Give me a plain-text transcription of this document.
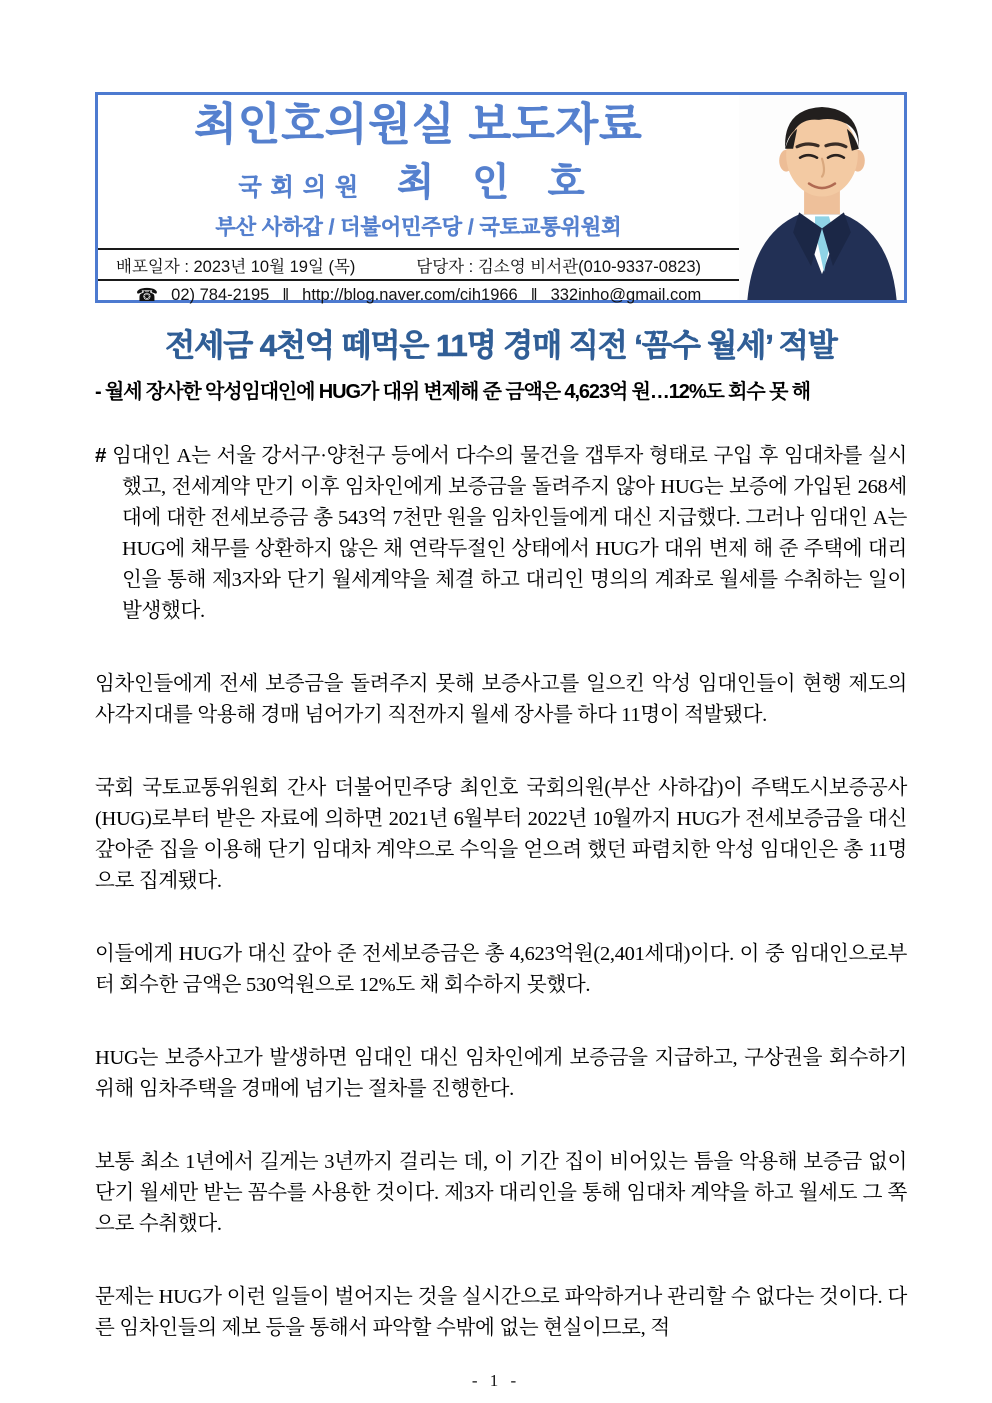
최인호의원실 보도자료
국회의원 최 인 호
부산 사하갑 / 더불어민주당 / 국토교통위원회
배포일자 : 2023년 10월 19일 (목)	담당자 : 김소영 비서관(010-9337-0823)
☎ 02) 784-2195 ‖ http://blog.naver.com/cih1966 ‖ 332inho@gmail.com
전세금 4천억 떼먹은 11명 경매 직전 ‘꼼수 월세’ 적발

- 월세 장사한 악성임대인에 HUG가 대위 변제해 준 금액은 4,623억 원…12%도 회수 못 해

# 임대인 A는 서울 강서구·양천구 등에서 다수의 물건을 갭투자 형태로 구입 후 임대차를 실시했고, 전세계약 만기 이후 임차인에게 보증금을 돌려주지 않아 HUG는 보증에 가입된 268세대에 대한 전세보증금 총 543억 7천만 원을 임차인들에게 대신 지급했다. 그러나 임대인 A는 HUG에 채무를 상환하지 않은 채 연락두절인 상태에서 HUG가 대위 변제 해 준 주택에 대리인을 통해 제3자와 단기 월세계약을 체결 하고 대리인 명의의 계좌로 월세를 수취하는 일이 발생했다.

임차인들에게 전세 보증금을 돌려주지 못해 보증사고를 일으킨 악성 임대인들이 현행 제도의 사각지대를 악용해 경매 넘어가기 직전까지 월세 장사를 하다 11명이 적발됐다.

국회 국토교통위원회 간사 더불어민주당 최인호 국회의원(부산 사하갑)이 주택도시보증공사(HUG)로부터 받은 자료에 의하면 2021년 6월부터 2022년 10월까지 HUG가 전세보증금을 대신 갚아준 집을 이용해 단기 임대차 계약으로 수익을 얻으려 했던 파렴치한 악성 임대인은 총 11명으로 집계됐다.

이들에게 HUG가 대신 갚아 준 전세보증금은 총 4,623억원(2,401세대)이다. 이 중 임대인으로부터 회수한 금액은 530억원으로 12%도 채 회수하지 못했다.

HUG는 보증사고가 발생하면 임대인 대신 임차인에게 보증금을 지급하고, 구상권을 회수하기 위해 임차주택을 경매에 넘기는 절차를 진행한다.

보통 최소 1년에서 길게는 3년까지 걸리는 데, 이 기간 집이 비어있는 틈을 악용해 보증금 없이 단기 월세만 받는 꼼수를 사용한 것이다. 제3자 대리인을 통해 임대차 계약을 하고 월세도 그 쪽으로 수취했다.

문제는 HUG가 이런 일들이 벌어지는 것을 실시간으로 파악하거나 관리할 수 없다는 것이다. 다른 임차인들의 제보 등을 통해서 파악할 수밖에 없는 현실이므로, 적

- 1 -
